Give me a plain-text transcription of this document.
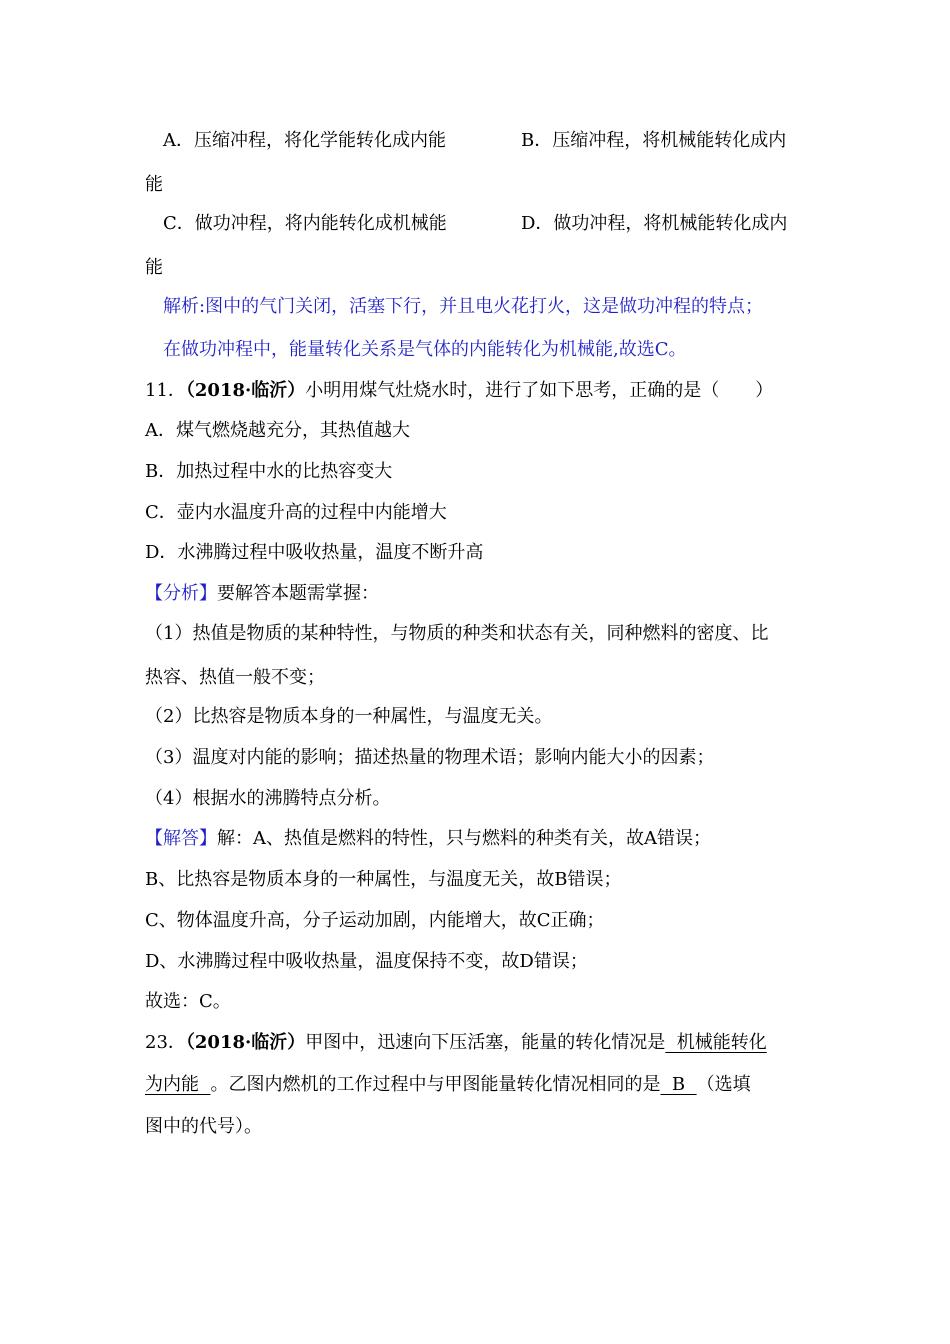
A．压缩冲程，将化学能转化成内能	B．压缩冲程，将机械能转化成内
能
C．做功冲程，将内能转化成机械能	D．做功冲程，将机械能转化成内
能
解析:图中的气门关闭，活塞下行，并且电火花打火，这是做功冲程的特点；
在做功冲程中，能量转化关系是气体的内能转化为机械能,故选C。
11．（2018·临沂）小明用煤气灶烧水时，进行了如下思考，正确的是（　　）
A．煤气燃烧越充分，其热值越大
B．加热过程中水的比热容变大
C．壶内水温度升高的过程中内能增大
D．水沸腾过程中吸收热量，温度不断升高
【分析】要解答本题需掌握：
（1）热值是物质的某种特性，与物质的种类和状态有关，同种燃料的密度、比
热容、热值一般不变；
（2）比热容是物质本身的一种属性，与温度无关。
（3）温度对内能的影响；描述热量的物理术语；影响内能大小的因素；
（4）根据水的沸腾特点分析。
【解答】解：A、热值是燃料的特性，只与燃料的种类有关，故A错误；
B、比热容是物质本身的一种属性，与温度无关，故B错误；
C、物体温度升高，分子运动加剧，内能增大，故C正确；
D、水沸腾过程中吸收热量，温度保持不变，故D错误；
故选：C。
23．（2018·临沂）甲图中，迅速向下压活塞，能量的转化情况是  机械能转化
为内能  。乙图内燃机的工作过程中与甲图能量转化情况相同的是  B  （选填
图中的代号）。
